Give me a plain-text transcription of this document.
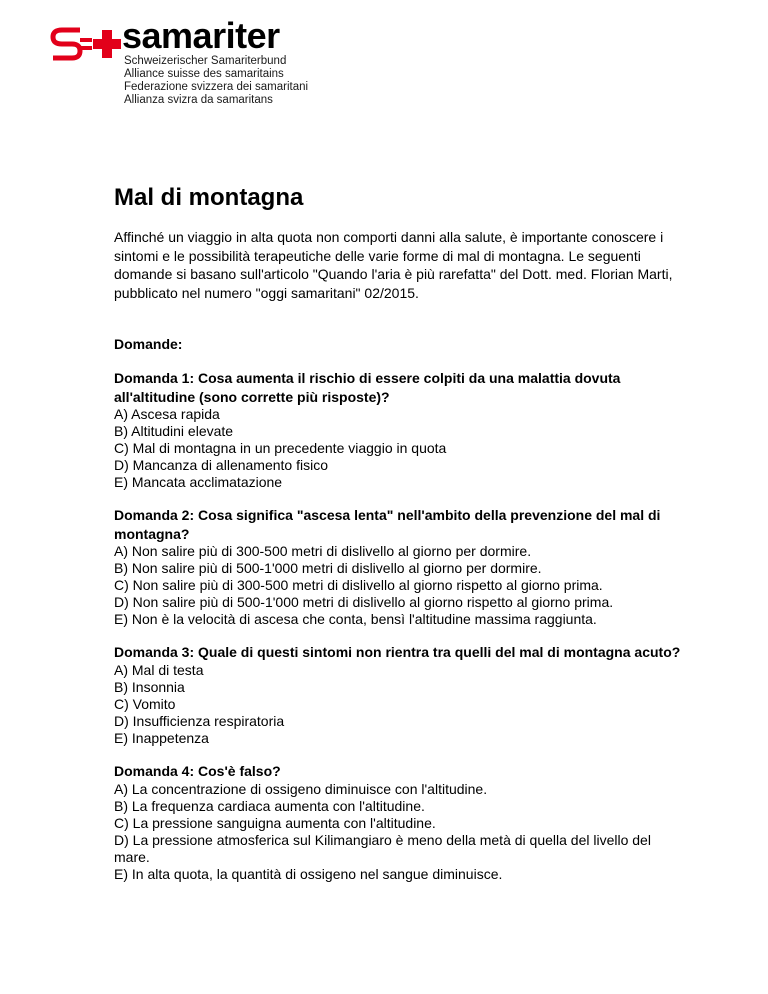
samariter
Schweizerischer Samariterbund
Alliance suisse des samaritains
Federazione svizzera dei samaritani
Allianza svizra da samaritans
Mal di montagna

Affinché un viaggio in alta quota non comporti danni alla salute, è importante conoscere i sintomi e le possibilità terapeutiche delle varie forme di mal di montagna. Le seguenti domande si basano sull'articolo "Quando l'aria è più rarefatta" del Dott. med. Florian Marti, pubblicato nel numero "oggi samaritani" 02/2015.

Domande:

Domanda 1: Cosa aumenta il rischio di essere colpiti da una malattia dovuta all'altitudine (sono corrette più risposte)?
A) Ascesa rapida
B) Altitudini elevate
C) Mal di montagna in un precedente viaggio in quota
D) Mancanza di allenamento fisico
E) Mancata acclimatazione
Domanda 2: Cosa significa "ascesa lenta" nell'ambito della prevenzione del mal di montagna?
A) Non salire più di 300-500 metri di dislivello al giorno per dormire.
B) Non salire più di 500-1'000 metri di dislivello al giorno per dormire.
C) Non salire più di 300-500 metri di dislivello al giorno rispetto al giorno prima.
D) Non salire più di 500-1'000 metri di dislivello al giorno rispetto al giorno prima.
E) Non è la velocità di ascesa che conta, bensì l'altitudine massima raggiunta.
Domanda 3: Quale di questi sintomi non rientra tra quelli del mal di montagna acuto?
A) Mal di testa
B) Insonnia
C) Vomito
D) Insufficienza respiratoria
E) Inappetenza
Domanda 4: Cos'è falso?
A) La concentrazione di ossigeno diminuisce con l'altitudine.
B) La frequenza cardiaca aumenta con l'altitudine.
C) La pressione sanguigna aumenta con l'altitudine.
D) La pressione atmosferica sul Kilimangiaro è meno della metà di quella del livello del mare.
E) In alta quota, la quantità di ossigeno nel sangue diminuisce.
